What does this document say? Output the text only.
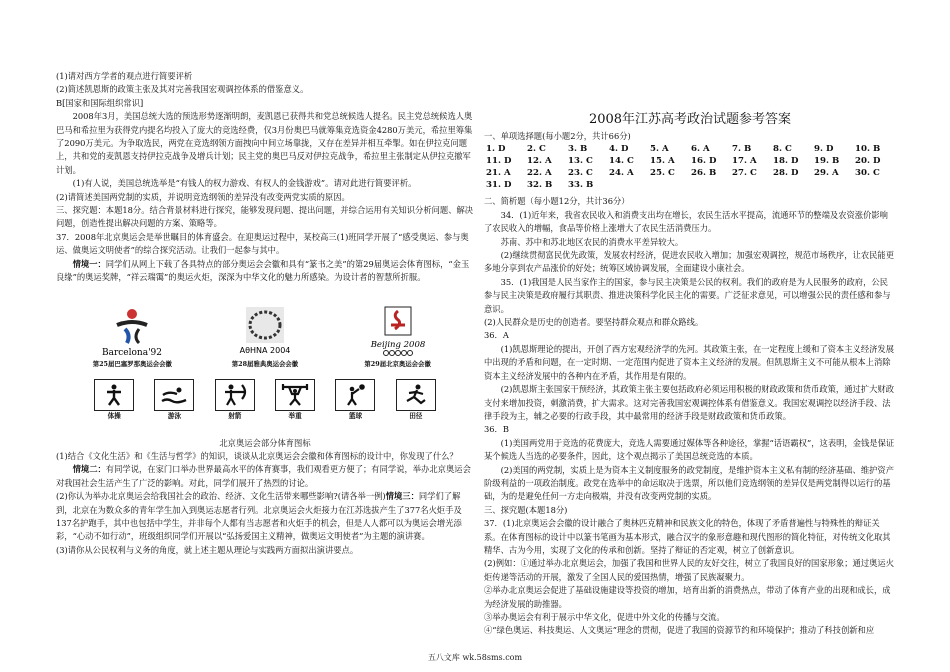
(1)请对西方学者的观点进行简要评析

(2)简述凯恩斯的政策主张及其对完善我国宏观调控体系的借鉴意义。

B[国家和国际组织常识]

2008年3月，美国总统大选的预选形势逐渐明朗，麦凯恩已获得共和党总统候选人提名。民主党总统候选人奥巴马和希拉里为获得党内提名均投入了庞大的竞选经费，仅3月份奥巴马就筹集竞选资金4280万美元，希拉里筹集了2090万美元。为争取选民，两党在竞选纲领方面拽向中间立场靠拢，又存在差异并相互牵掣。如在伊拉克问题上，共和党的麦凯恩支持伊拉克战争及增兵计划；民主党的奥巴马反对伊拉克战争，希拉里主张制定从伊拉克撤军计划。

(1)有人说，美国总统选举是“有钱人的权力游戏、有权人的金钱游戏”。请对此进行简要评析。

(2)请简述美国两党制的实质，并说明竞选纲领的差异没有改变两党实质的原因。

三、探究题：本题18分。结合背景材料进行探究，能够发现问题、提出问题，并综合运用有关知识分析问题、解决问题，创造性提出解决问题的方案、策略等。

37．2008年北京奥运会是举世瞩目的体育盛会。在迎奥运过程中，某校高三(1)班同学开展了“感受奥运、参与奥运、做奥运文明使者”的综合探究活动。让我们一起参与其中。

情境一：同学们从网上下载了各具特点的部分奥运会会徽和具有“篆书之美”的第29届奥运会体育图标，“金玉良缘”的奥运奖牌，“祥云瑞霭”的奥运火炬，深深为中华文化的魅力所感染。为设计者的智慧所折服。

Barcelona'92
第25届巴塞罗那奥运会会徽
AθHNA 2004
第28届雅典奥运会会徽
Beijing 2008
第29届北京奥运会会徽
体操	游泳	射箭	举重	篮球	田径

北京奥运会部分体育图标

(1)结合《文化生活》和《生活与哲学》的知识，谈谈从北京奥运会会徽和体育图标的设计中，你发现了什么？

情境二：有同学说，在家门口举办世界最高水平的体育赛事，我们观看更方便了；有同学说，举办北京奥运会对我国社会生活产生了广泛的影响。对此，同学们展开了热烈的讨论。

(2)你认为举办北京奥运会给我国社会的政治、经济、文化生活带来哪些影响?(请各举一例)情境三：同学们了解到，北京在为数众多的青年学生加入到奥运志愿者行列。北京奥运会火炬接力在江苏选拔产生了377名火炬手及137名护跑手，其中也包括中学生，并非每个人都有当志愿者和火炬手的机会，但是人人都可以为奥运会增光添彩，“心动不如行动”，班级组织同学们开展以“弘扬爱国主义精神，做奥运文明使者”为主题的演讲赛。

(3)请你从公民权利与义务的角度，就上述主题从理论与实践两方面拟出演讲要点。

2008年江苏高考政治试题参考答案

一、单项选择题(每小题2分，共计66分)

1. D	2. C	3. B	4. D	5. A	6. A	7. B	8. C	9. D	10. B
11. D	12. A	13. C	14. C	15. A	16. D	17. A	18. D	19. B	20. D
21. A	22. A	23. C	24. A	25. C	26. B	27. C	28. D	29. A	30. C
31. D	32. B	33. B

二、简析题（每小题12分，共计36分）

34．(1)近年来，我省农民收入和消费支出均在增长，农民生活水平提高，流通环节的整端及农资涨价影响了农民收入的增幅，食品等价格上涨增大了农民生活消费压力。

苏南、苏中和苏北地区农民的消费水平差异较大。

(2)继续贯彻富民优先政策，发展农村经济，促进农民收入增加；加强宏观调控，规范市场秩序，让农民能更多地分享到农产品涨价的好处；统筹区域协调发展，全面建设小康社会。

35．(1)我国是人民当家作主的国家，参与民主决策是公民的权利。我们的政府是为人民服务的政府，公民参与民主决策是政府履行其职责、推进决策科学化民主化的需要。广泛征求意见，可以增强公民的责任感和参与意识。

(2)人民群众是历史的创造者。要坚持群众观点和群众路线。

36．A

(1)凯恩斯理论的提出，开创了西方宏观经济学的先河。其政策主张，在一定程度上缓和了资本主义经济发展中出现的矛盾和问题，在一定时期、一定范围内促进了资本主义经济的发展。但凯恩斯主义不可能从根本上消除资本主义经济发展中的各种内在矛盾，其作用是有限的。

(2)凯恩斯主张国家干预经济，其政策主张主要包括政府必须运用积极的财政政策和货币政策，通过扩大财政支付来增加投资，刺激消费，扩大需求。这对完善我国宏观调控体系有借鉴意义。我国宏观调控以经济手段、法律手段为主，辅之必要的行政手段，其中最常用的经济手段是财政政策和货币政策。

36．B

(1)美国两党用于竞选的花费庞大，竞选人需要通过媒体等各种途径，掌握“话语霸权”，这表明，金钱是保证某个候选人当选的必要条件，因此，这个观点揭示了美国总统竞选的本质。

(2)美国的两党制，实质上是为资本主义制度服务的政党制度，是维护资本主义私有制的经济基础、维护资产阶级利益的一项政治制度。政党在选举中的命运取决于选票，所以他们竞选纲领的差异仅是两党制得以运行的基础，为的是避免任何一方走向极端，并没有改变两党制的实质。

三、探究题(本题18分)

37．(1)北京奥运会会徽的设计融合了奥林匹克精神和民族文化的特色，体现了矛盾普遍性与特殊性的辩证关系。在体育图标的设计中以篆书笔画为基本形式，融合汉字的象形意趣和现代图形的简化特征，对传统文化取其精华、古为今用，实现了文化的传承和创新。坚持了辩证的否定观，树立了创新意识。

(2)例如：①通过举办北京奥运会，加强了我国和世界人民的友好交往，树立了我国良好的国家形象；通过奥运火炬传递等活动的开展，激发了全国人民的爱国热情，增强了民族凝聚力。

②举办北京奥运会促进了基础设施建设等投资的增加，培育出新的消费热点，带动了体育产业的出现和成长，成为经济发展的助推器。

③举办奥运会有利于展示中华文化，促进中外文化的传播与交流。

④“绿色奥运、科技奥运、人文奥运”理念的贯彻，促进了我国的资源节约和环境保护；推动了科技创新和应

五八文库 wk.58sms.com
